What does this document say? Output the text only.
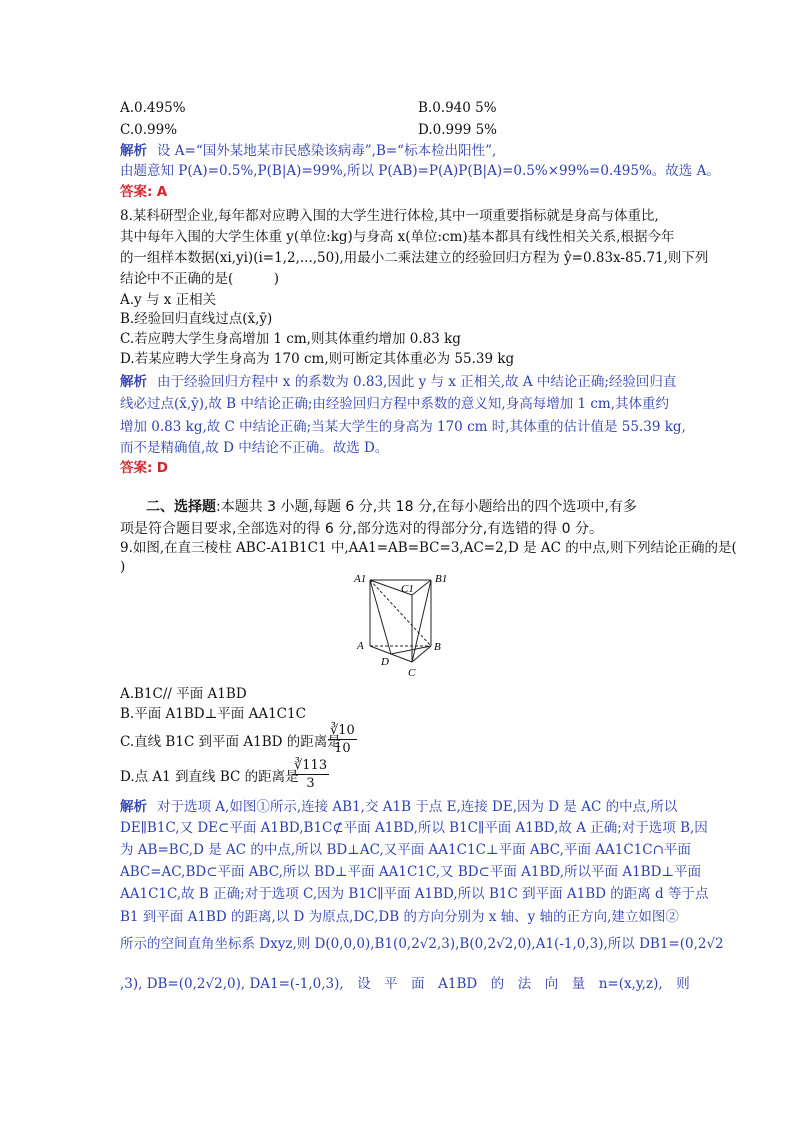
A.0.495%	B.0.940 5%
C.0.99%	D.0.999 5%
解析 设 A=“国外某地某市民感染该病毒”,B=“标本检出阳性”,
由题意知 P(A)=0.5%,P(B|A)=99%,所以 P(AB)=P(A)P(B|A)=0.5%×99%=0.495%。故选 A。
答案: A
8.某科研型企业,每年都对应聘入围的大学生进行体检,其中一项重要指标就是身高与体重比,
其中每年入围的大学生体重 y(单位:kg)与身高 x(单位:cm)基本都具有线性相关关系,根据今年
的一组样本数据(xi,yi)(i=1,2,...,50),用最小二乘法建立的经验回归方程为 ŷ=0.83x-85.71,则下列
结论中不正确的是(　　　)
A.y 与 x 正相关
B.经验回归直线过点(x̄,ȳ)
C.若应聘大学生身高增加 1 cm,则其体重约增加 0.83 kg
D.若某应聘大学生身高为 170 cm,则可断定其体重必为 55.39 kg
解析 由于经验回归方程中 x 的系数为 0.83,因此 y 与 x 正相关,故 A 中结论正确;经验回归直
线必过点(x̄,ȳ),故 B 中结论正确;由经验回归方程中系数的意义知,身高每增加 1 cm,其体重约
增加 0.83 kg,故 C 中结论正确;当某大学生的身高为 170 cm 时,其体重的估计值是 55.39 kg,
而不是精确值,故 D 中结论不正确。故选 D。
答案: D
二、选择题:本题共 3 小题,每题 6 分,共 18 分,在每小题给出的四个选项中,有多
项是符合题目要求,全部选对的得 6 分,部分选对的得部分分,有选错的得 0 分。
9.如图,在直三棱柱 ABC-A1B1C1 中,AA1=AB=BC=3,AC=2,D 是 AC 的中点,则下列结论正确的是(
)
A1	B1
C1
A	B
C
D
A.B1C// 平面 A1BD
B.平面 A1BD⊥平面 AA1C1C
C.直线 B1C 到平面 A1BD 的距离是
∛10
10
D.点 A1 到直线 BC 的距离是
∛113
3
解析 对于选项 A,如图①所示,连接 AB1,交 A1B 于点 E,连接 DE,因为 D 是 AC 的中点,所以
DE∥B1C,又 DE⊂平面 A1BD,B1C⊄平面 A1BD,所以 B1C∥平面 A1BD,故 A 正确;对于选项 B,因
为 AB=BC,D 是 AC 的中点,所以 BD⊥AC,又平面 AA1C1C⊥平面 ABC,平面 AA1C1C∩平面
ABC=AC,BD⊂平面 ABC,所以 BD⊥平面 AA1C1C,又 BD⊂平面 A1BD,所以平面 A1BD⊥平面
AA1C1C,故 B 正确;对于选项 C,因为 B1C∥平面 A1BD,所以 B1C 到平面 A1BD 的距离 d 等于点
B1 到平面 A1BD 的距离,以 D 为原点,DC,DB 的方向分别为 x 轴、y 轴的正方向,建立如图②
所示的空间直角坐标系 Dxyz,则 D(0,0,0),B1(0,2√2,3),B(0,2√2,0),A1(-1,0,3),所以 DB1=(0,2√2
,3), DB=(0,2√2,0), DA1=(-1,0,3),　设　平　面　A1BD　的　法　向　量　n=(x,y,z),　则
